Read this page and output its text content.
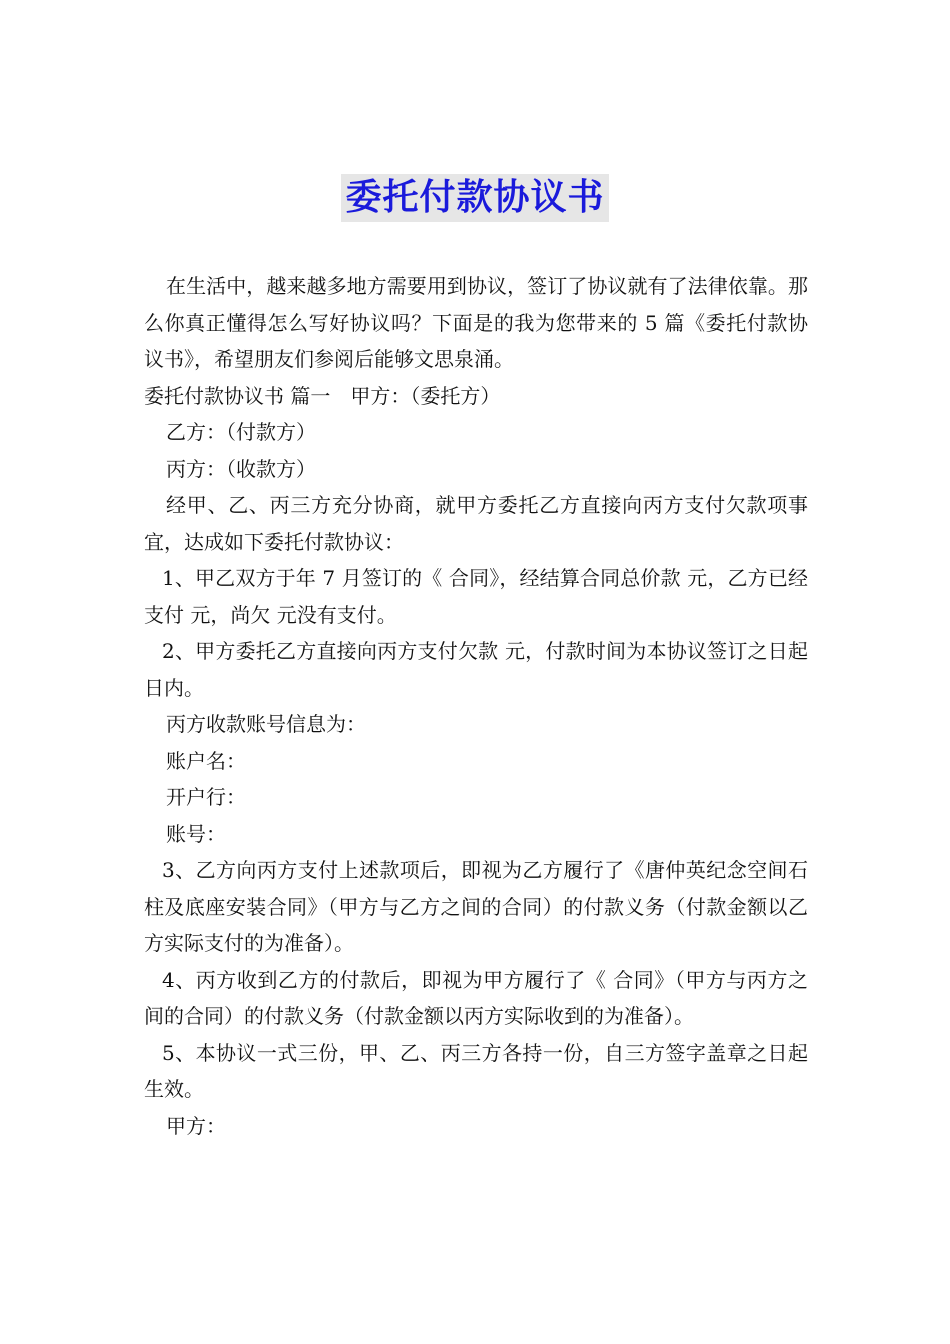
委托付款协议书

在生活中，越来越多地方需要用到协议，签订了协议就有了法律依靠。那么你真正懂得怎么写好协议吗？下面是的我为您带来的 5 篇《委托付款协议书》，希望朋友们参阅后能够文思泉涌。

委托付款协议书 篇一　甲方：（委托方）

乙方：（付款方）

丙方：（收款方）

经甲、乙、丙三方充分协商，就甲方委托乙方直接向丙方支付欠款项事宜，达成如下委托付款协议：

1、甲乙双方于年 7 月签订的《 合同》，经结算合同总价款 元，乙方已经支付 元，尚欠 元没有支付。

2、甲方委托乙方直接向丙方支付欠款 元，付款时间为本协议签订之日起 日内。

丙方收款账号信息为：

账户名：

开户行：

账号：

3、乙方向丙方支付上述款项后，即视为乙方履行了《唐仲英纪念空间石柱及底座安装合同》（甲方与乙方之间的合同）的付款义务（付款金额以乙方实际支付的为准备）。

4、丙方收到乙方的付款后，即视为甲方履行了《 合同》（甲方与丙方之间的合同）的付款义务（付款金额以丙方实际收到的为准备）。

5、本协议一式三份，甲、乙、丙三方各持一份，自三方签字盖章之日起生效。

甲方：
